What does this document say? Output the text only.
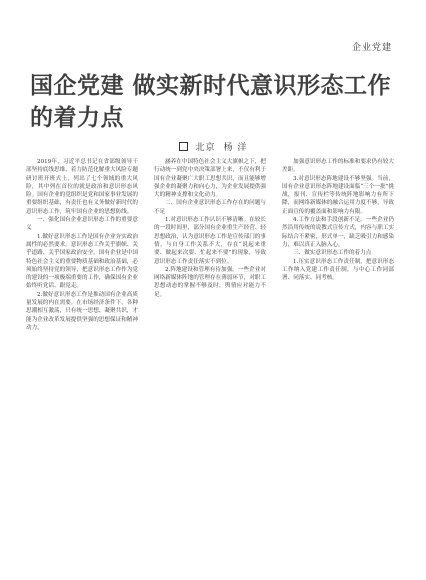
企业党建
国企党建 做实新时代意识形态工作的着力点
北京 杨 洋

2019年，习近平总书记在省部级领导干部坚持底线思维、着力防范化解重大风险专题研讨班开班式上，列出了七个领域的重大风险，其中列在首位的就是政治和意识形态风险。国有企业的党组织是党和国家事业发展的重要组织基础，有责任也有义务做好新时代的意识形态工作，筑牢国有企业的思想防线。

一、强化国有企业意识形态工作的重要意义

1.做好意识形态工作是国有企业夯实政治属性的必然要求。意识形态工作关乎旗帜、关乎道路、关乎国家政治安全。国有企业是中国特色社会主义的重要物质基础和政治基础，必须始终坚持党的领导，把意识形态工作作为党的建设的一项极端重要的工作，确保国有企业始终听党话、跟党走。

2.做好意识形态工作是推动国有企业高质量发展的内在需要。在市场经济条件下，各种思潮相互激荡，只有统一思想、凝聚共识，才能为企业改革发展提供坚强的思想保证和精神动力。

涵养在中国特色社会主义大旗帜之下，把行动统一到党中央决策部署上来，不仅有利于国有企业凝聚广大职工思想共识，而且能够增强企业的凝聚力和向心力，为企业发展提供强大的精神支撑和文化动力。

二、国有企业意识形态工作存在的问题与不足

1.对意识形态工作认识不够清晰。在较长的一段时间里，部分国有企业重生产经营、轻思想政治，认为意识形态工作是宣传部门的事情，与自身工作关系不大，存在“说起来重要、做起来次要、忙起来不要”的现象，导致意识形态工作责任落实不到位。

2.阵地建设和管理有待加强。一些企业对网络新媒体阵地的管理存在薄弱环节，对职工思想动态的掌握不够及时，舆情应对能力不足。

加强意识形态工作的标准和要求仍有较大差距。

3.对意识形态阵地建设不够坚强。当前，国有企业意识形态阵地建设面临“三个一批”挑战，报刊、宣传栏等传统阵地影响力有所下降，而网络新媒体的融合运用力度不够，导致正面宣传的覆盖面和影响力有限。

4.工作方法和手段创新不足。一些企业仍然沿用传统的说教式宣传方式，内容与职工实际结合不紧密，形式单一，缺乏吸引力和感染力，难以真正入脑入心。

三、做实意识形态工作的着力点

1.压实意识形态工作责任制，把意识形态工作纳入党建工作责任制，与中心工作同部署、同落实、同考核。
